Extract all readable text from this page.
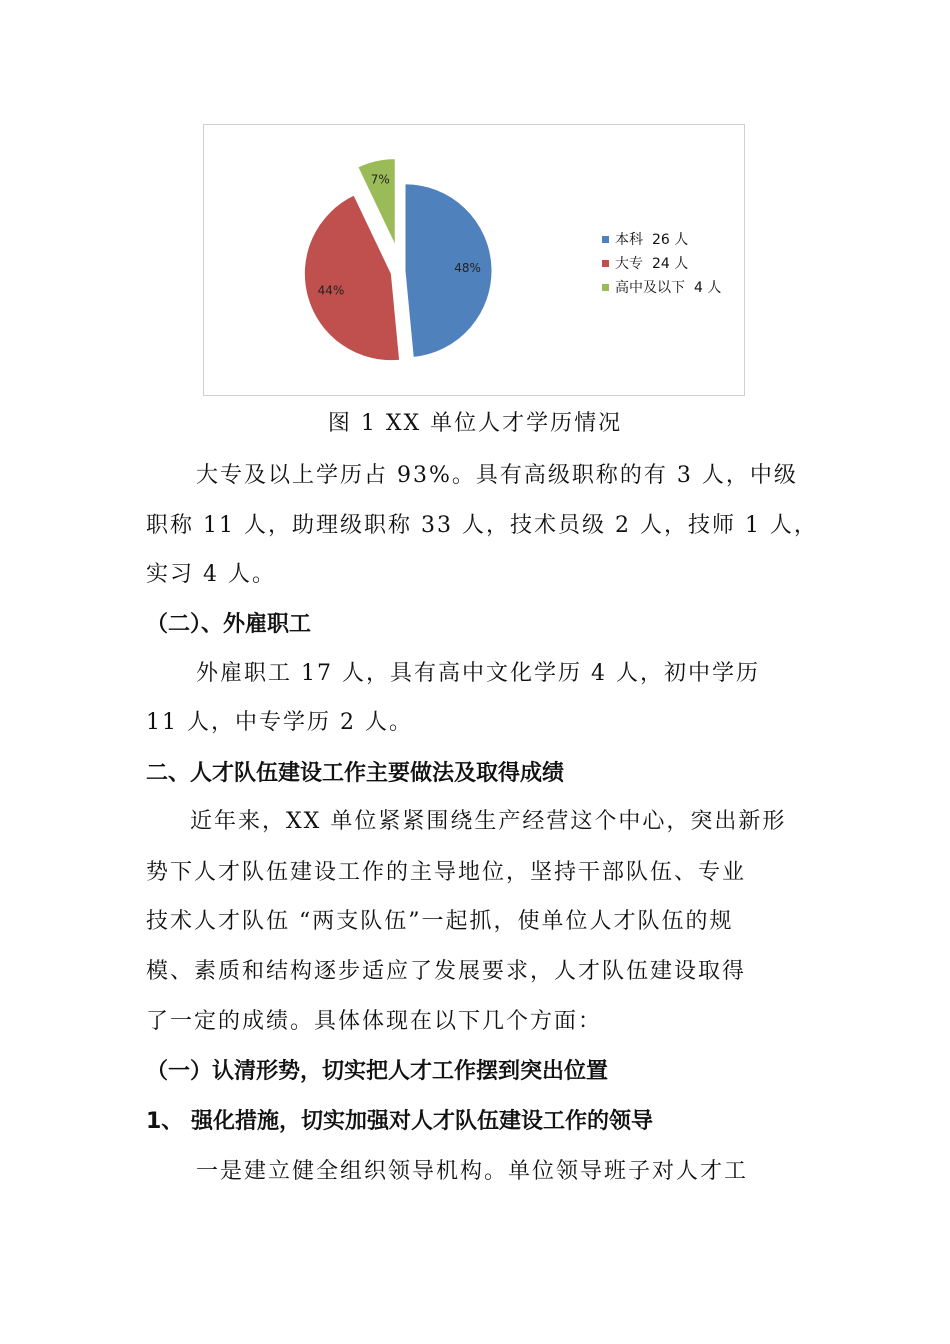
48%
44%
7%
本科 26 人
大专 24 人
高中及以下 4 人
图 1 XX 单位人才学历情况
大专及以上学历占 93%。具有高级职称的有 3 人，中级
职称 11 人，助理级职称 33 人，技术员级 2 人，技师 1 人，
实习 4 人。
（二）、外雇职工
外雇职工 17 人，具有高中文化学历 4 人，初中学历
11 人，中专学历 2 人。
二、人才队伍建设工作主要做法及取得成绩
近年来，XX 单位紧紧围绕生产经营这个中心，突出新形
势下人才队伍建设工作的主导地位，坚持干部队伍、专业
技术人才队伍 “两支队伍”一起抓，使单位人才队伍的规
模、素质和结构逐步适应了发展要求，人才队伍建设取得
了一定的成绩。具体体现在以下几个方面：
（一）认清形势，切实把人才工作摆到突出位置
1、 强化措施，切实加强对人才队伍建设工作的领导
一是建立健全组织领导机构。单位领导班子对人才工
